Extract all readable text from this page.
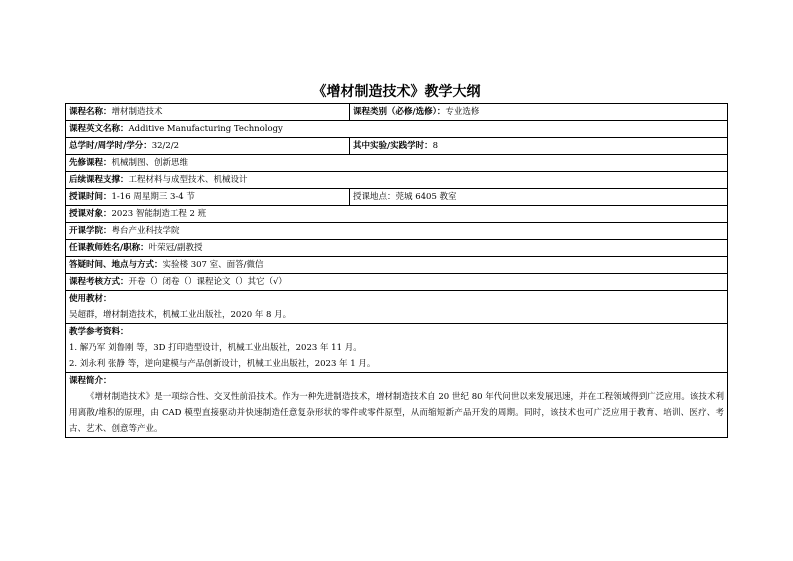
《增材制造技术》教学大纲
课程名称：增材制造技术	课程类别（必修/选修）：专业选修
课程英文名称：Additive Manufacturing Technology	
总学时/周学时/学分：32/2/2	其中实验/实践学时：8
先修课程：机械制图、创新思维	
后续课程支撑：工程材料与成型技术、机械设计	
授课时间：1-16 周星期三 3-4 节	授课地点：莞城 6405 教室
授课对象：2023 智能制造工程 2 班	
开课学院：粤台产业科技学院	
任课教师姓名/职称：叶荣冠/副教授	
答疑时间、地点与方式：实验楼 307 室、面答/微信	
课程考核方式：开卷（）闭卷（）课程论文（）其它（√）	

使用教材：

吴超群，增材制造技术，机械工业出版社，2020 年 8 月。	

教学参考资料：

1. 解乃军 刘鲁刚 等，3D 打印造型设计，机械工业出版社，2023 年 11 月。

2. 刘永利 张静 等，逆向建模与产品创新设计，机械工业出版社，2023 年 1 月。	

课程简介：

《增材制造技术》是一项综合性、交叉性前沿技术。作为一种先进制造技术，增材制造技术自 20 世纪 80 年代问世以来发展迅速，并在工程领域得到广泛应用。该技术利用离散/堆积的原理，由 CAD 模型直接驱动并快速制造任意复杂形状的零件或零件原型，从而缩短新产品开发的周期。同时，该技术也可广泛应用于教育、培训、医疗、考古、艺术、创意等产业。	
